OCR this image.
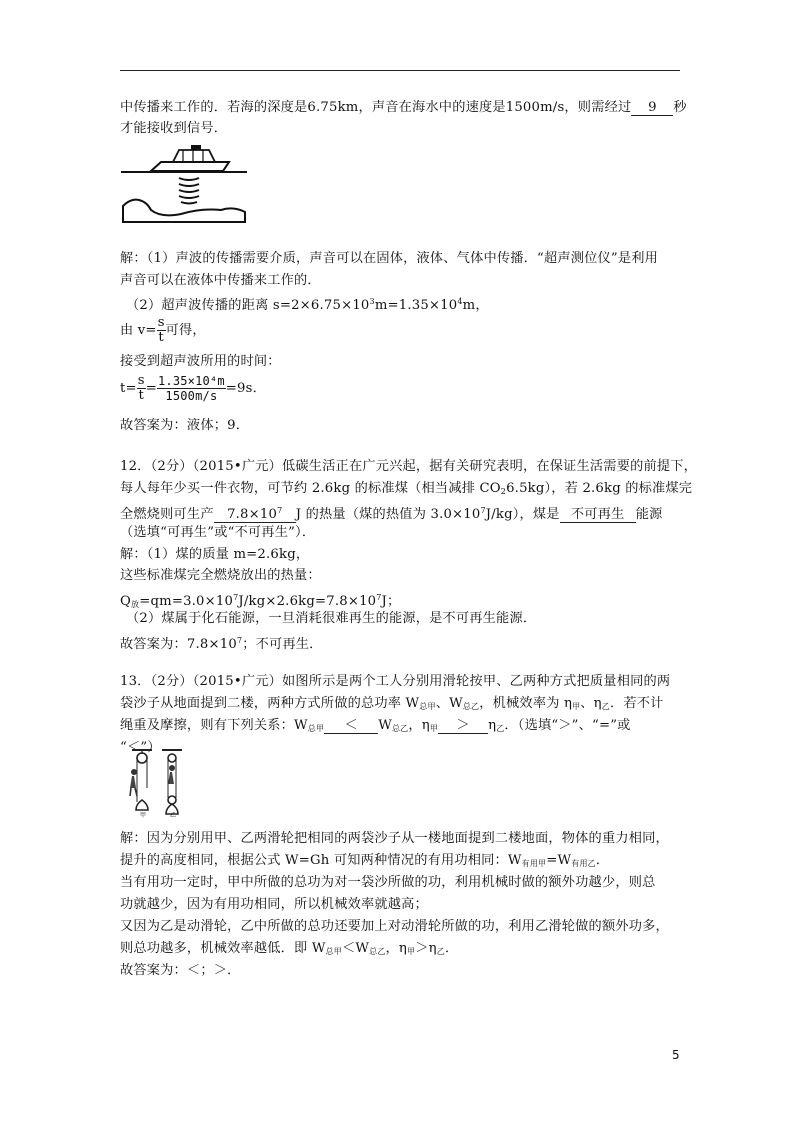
中传播来工作的．若海的深度是6.75km，声音在海水中的速度是1500m/s，则需经过 9 秒
才能接收到信号．
解：（1）声波的传播需要介质，声音可以在固体，液体、气体中传播．“超声测位仪”是利用
声音可以在液体中传播来工作的．
（2）超声波传播的距离 $s=2\times 6.75\times 10^3m=1.35\times 10^4m$，
由 $v= \frac{s}{t}$ 可得，
接受到超声波所用的时间：
$t= \frac{s}{t} = \frac{\text{1.35×10⁴m}}{1500m/s} =9s$．
故答案为：液体；9．
12．（2分）（2015•广元）低碳生活正在广元兴起，据有关研究表明，在保证生活需要的前提下，
每人每年少买一件衣物，可节约 2.6kg 的标准煤（相当减排 $CO_26.5kg$），若 2.6kg 的标准煤完
全燃烧则可生产 $7.8\times 10^7$ J 的热量（煤的热值为 $3.0\times 10^7J/kg$），煤是 不可再生 能源
（选填“可再生”或“不可再生”）．
解：（1）煤的质量 m=2.6kg，
这些标准煤完全燃烧放出的热量：
$Q_放=qm=3.0\times 10^7J/kg\times 2.6kg=7.8\times 10^7J$；
（2）煤属于化石能源，一旦消耗很难再生的能源，是不可再生能源．
故答案为：$7.8\times 10^7$；不可再生．
13．（2分）（2015•广元）如图所示是两个工人分别用滑轮按甲、乙两种方式把质量相同的两
袋沙子从地面提到二楼，两种方式所做的总功率 $W_{总甲}$、$W_{总乙}$，机械效率为 $\eta_甲$、$\eta_乙$．若不计
绳重及摩擦，则有下列关系：$W_{总甲} < W_{总乙}$，$\eta_甲 > \eta_乙$．（选填“＞”、“=”或
“＜”）
甲	乙
解：因为分别用甲、乙两滑轮把相同的两袋沙子从一楼地面提到二楼地面，物体的重力相同，
提升的高度相同，根据公式 W=Gh 可知两种情况的有用功相同：$W_{有用甲}=W_{有用乙}$．
当有用功一定时，甲中所做的总功为对一袋沙所做的功，利用机械时做的额外功越少，则总
功就越少，因为有用功相同，所以机械效率就越高；
又因为乙是动滑轮，乙中所做的总功还要加上对动滑轮所做的功，利用乙滑轮做的额外功多，
则总功越多，机械效率越低．即 $W_{总甲}<W_{总乙}$，$\eta_甲>\eta_乙$．
故答案为：＜；＞．
5
